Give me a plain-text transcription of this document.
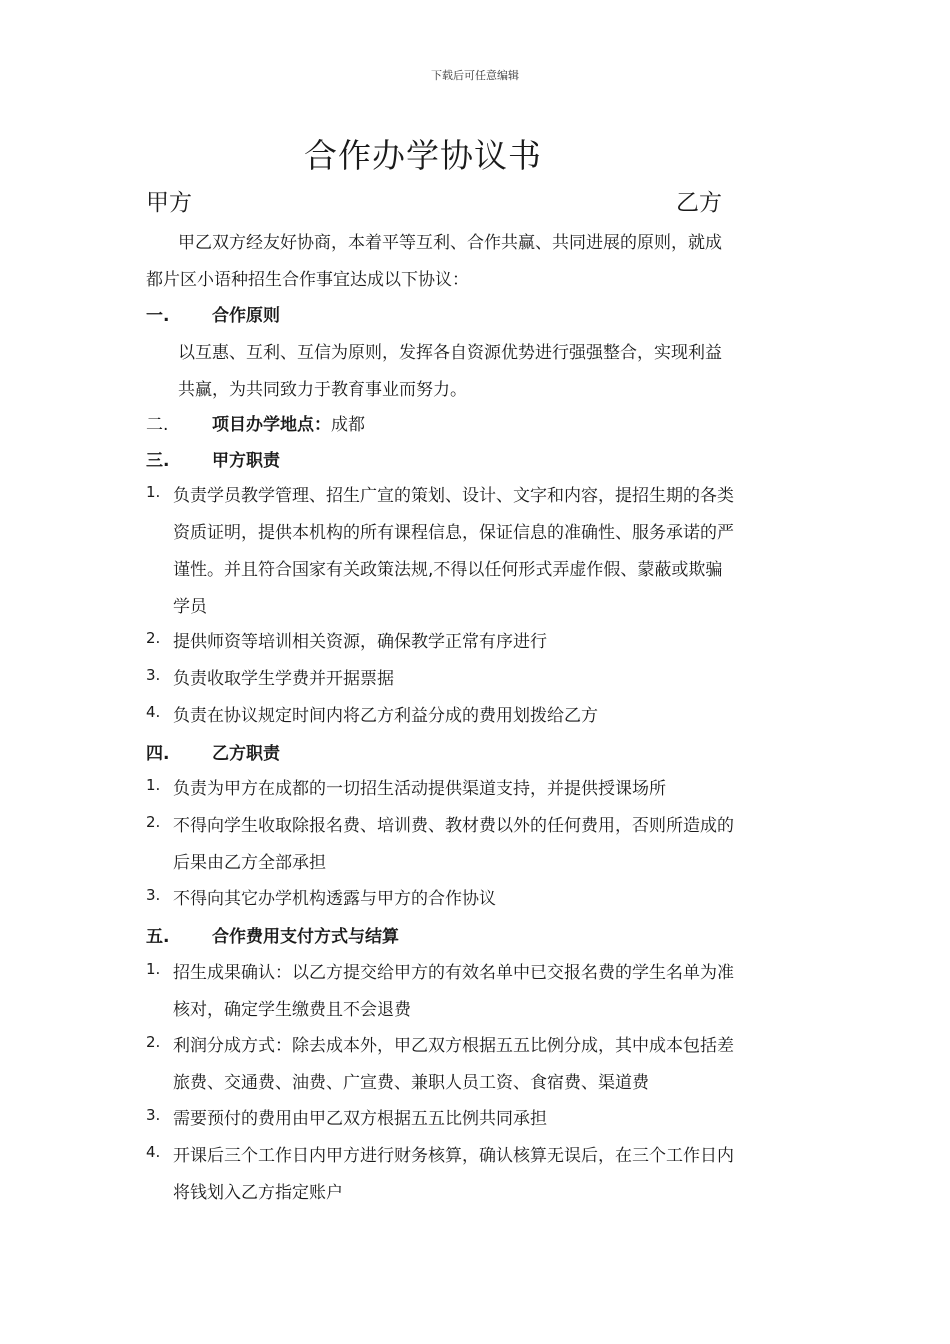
下载后可任意编辑
合作办学协议书
甲方	乙方
甲乙双方经友好协商，本着平等互利、合作共赢、共同进展的原则，就成
都片区小语种招生合作事宜达成以下协议：
一.	合作原则
以互惠、互利、互信为原则，发挥各自资源优势进行强强整合，实现利益
共赢，为共同致力于教育事业而努力。
二.	项目办学地点：成都
三.	甲方职责
1. 负责学员教学管理、招生广宣的策划、设计、文字和内容，提招生期的各类
资质证明，提供本机构的所有课程信息，保证信息的准确性、服务承诺的严
谨性。并且符合国家有关政策法规,不得以任何形式弄虚作假、蒙蔽或欺骗
学员
2. 提供师资等培训相关资源，确保教学正常有序进行
3. 负责收取学生学费并开据票据
4. 负责在协议规定时间内将乙方利益分成的费用划拨给乙方
四.	乙方职责
1. 负责为甲方在成都的一切招生活动提供渠道支持，并提供授课场所
2. 不得向学生收取除报名费、培训费、教材费以外的任何费用，否则所造成的
后果由乙方全部承担
3. 不得向其它办学机构透露与甲方的合作协议
五.	合作费用支付方式与结算
1. 招生成果确认：以乙方提交给甲方的有效名单中已交报名费的学生名单为准
核对，确定学生缴费且不会退费
2. 利润分成方式：除去成本外，甲乙双方根据五五比例分成，其中成本包括差
旅费、交通费、油费、广宣费、兼职人员工资、食宿费、渠道费
3. 需要预付的费用由甲乙双方根据五五比例共同承担
4. 开课后三个工作日内甲方进行财务核算，确认核算无误后，在三个工作日内
将钱划入乙方指定账户
